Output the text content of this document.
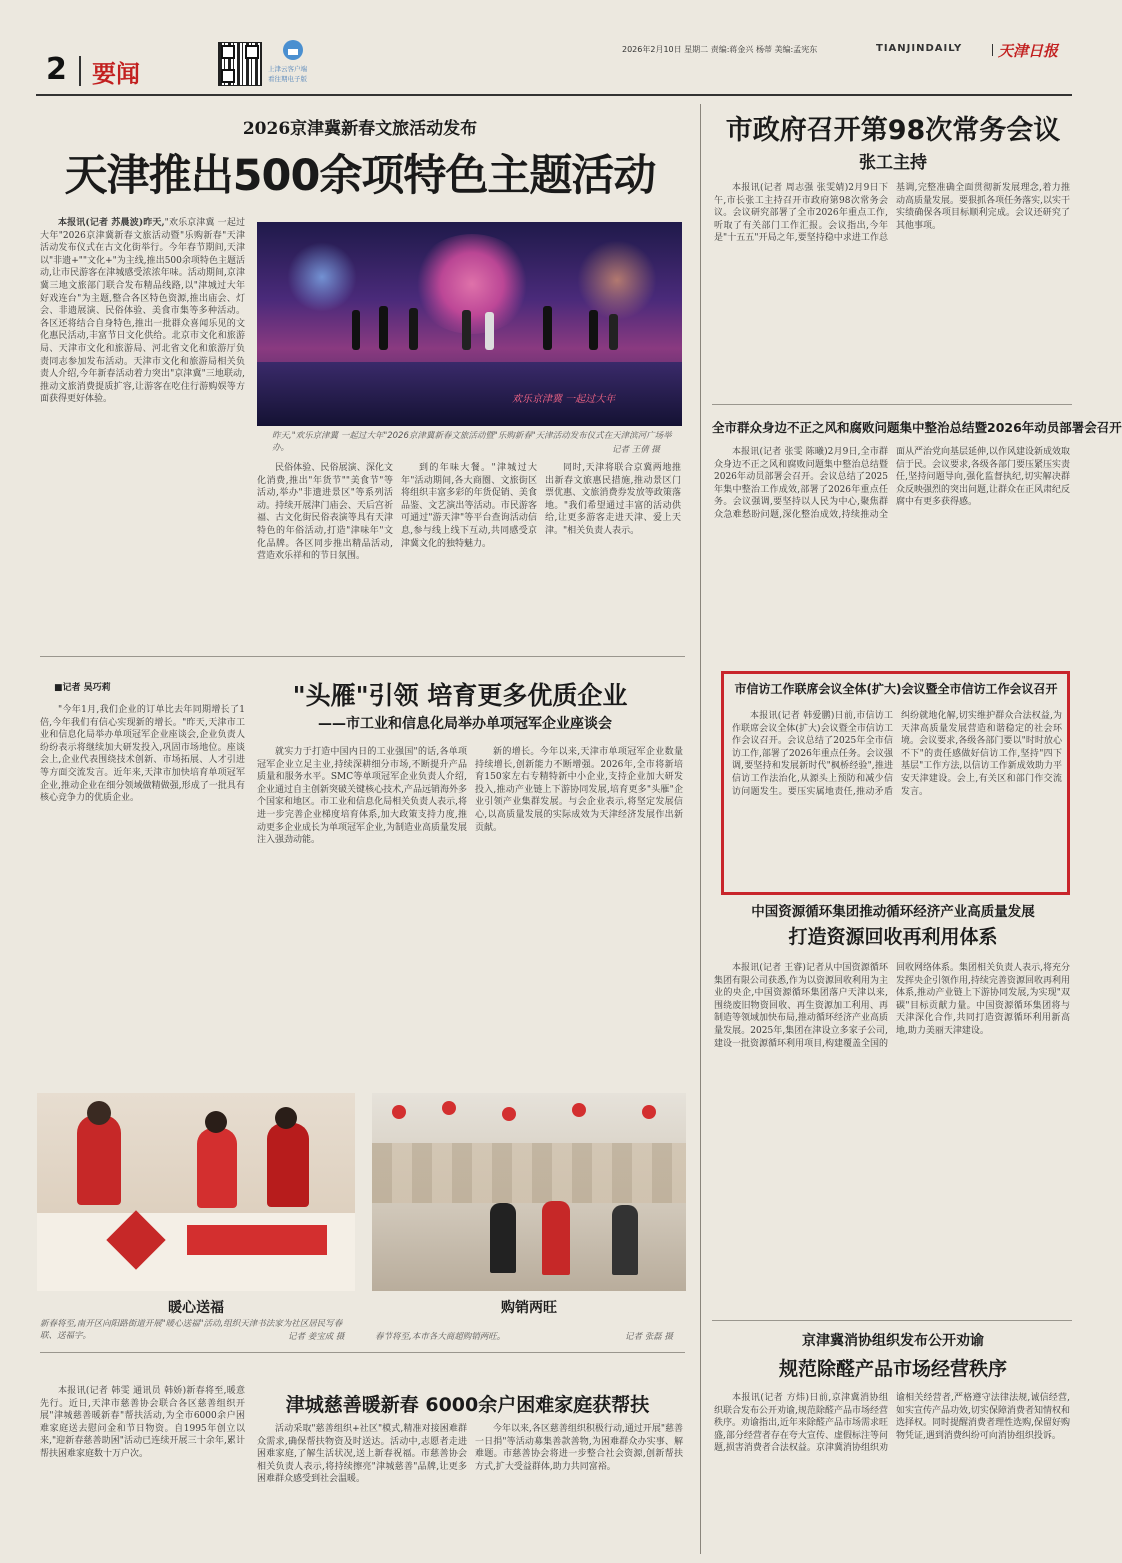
2 要闻	上津云客户端
看往期电子版
2026年2月10日 星期二 责编:蒋金兴 杨蒂 美编:孟宪东	TIANJINDAILY 天津日报
2026京津冀新春文旅活动发布
天津推出500余项特色主题活动

本报讯(记者 苏晨波)昨天,"欢乐京津冀 一起过大年"2026京津冀新春文旅活动暨"乐购新春"天津活动发布仪式在古文化街举行。今年春节期间,天津以"非遗+""文化+"为主线,推出500余项特色主题活动,让市民游客在津城感受浓浓年味。活动期间,京津冀三地文旅部门联合发布精品线路,以"津城过大年 好戏连台"为主题,整合各区特色资源,推出庙会、灯会、非遗展演、民俗体验、美食市集等多种活动。各区还将结合自身特色,推出一批群众喜闻乐见的文化惠民活动,丰富节日文化供给。北京市文化和旅游局、天津市文化和旅游局、河北省文化和旅游厅负责同志参加发布活动。天津市文化和旅游局相关负责人介绍,今年新春活动着力突出"京津冀"三地联动,推动文旅消费提质扩容,让游客在吃住行游购娱等方面获得更好体验。	欢乐京津冀 一起过大年
昨天,"欢乐京津冀 一起过大年"2026京津冀新春文旅活动暨"乐购新春"天津活动发布仪式在天津滨河广场举办。	记者 王倩 摄

民俗体验、民俗展演、深化文化消费,推出"年货节""美食节"等活动,举办"非遗进景区"等系列活动。持续开展津门庙会、天后宫祈福、古文化街民俗表演等具有天津特色的年俗活动,打造"津味年"文化品牌。各区同步推出精品活动,营造欢乐祥和的节日氛围。

到的年味大餐。"津城过大年"活动期间,各大商圈、文旅街区将组织丰富多彩的年货促销、美食品鉴、文艺演出等活动。市民游客可通过"游天津"等平台查询活动信息,参与线上线下互动,共同感受京津冀文化的独特魅力。

同时,天津将联合京冀两地推出新春文旅惠民措施,推动景区门票优惠、文旅消费券发放等政策落地。"我们希望通过丰富的活动供给,让更多游客走进天津、爱上天津。"相关负责人表示。

■记者 吴巧莉	"头雁"引领 培育更多优质企业
——市工业和信息化局举办单项冠军企业座谈会

"今年1月,我们企业的订单比去年同期增长了1倍,今年我们有信心实现新的增长。"昨天,天津市工业和信息化局举办单项冠军企业座谈会,企业负责人纷纷表示将继续加大研发投入,巩固市场地位。座谈会上,企业代表围绕技术创新、市场拓展、人才引进等方面交流发言。近年来,天津市加快培育单项冠军企业,推动企业在细分领域做精做强,形成了一批具有核心竞争力的优质企业。

就实力于打造中国内日的工业强国"的话,各单项冠军企业立足主业,持续深耕细分市场,不断提升产品质量和服务水平。SMC等单项冠军企业负责人介绍,企业通过自主创新突破关键核心技术,产品远销海外多个国家和地区。市工业和信息化局相关负责人表示,将进一步完善企业梯度培育体系,加大政策支持力度,推动更多企业成长为单项冠军企业,为制造业高质量发展注入强劲动能。

新的增长。今年以来,天津市单项冠军企业数量持续增长,创新能力不断增强。2026年,全市将新培育150家左右专精特新中小企业,支持企业加大研发投入,推动产业链上下游协同发展,培育更多"头雁"企业引领产业集群发展。与会企业表示,将坚定发展信心,以高质量发展的实际成效为天津经济发展作出新贡献。

暖心送福
新春将至,南开区向阳路街道开展"暖心送福"活动,组织天津书法家为社区居民写春联、送福字。	记者 姜宝成 摄
购销两旺
春节将至,本市各大商超购销两旺。	记者 张磊 摄

本报讯(记者 韩雯 通讯员 韩娇)新春将至,暖意先行。近日,天津市慈善协会联合各区慈善组织开展"津城慈善暖新春"帮扶活动,为全市6000余户困难家庭送去慰问金和节日物资。自1995年创立以来,"迎新春慈善助困"活动已连续开展三十余年,累计帮扶困难家庭数十万户次。

津城慈善暖新春 6000余户困难家庭获帮扶

活动采取"慈善组织+社区"模式,精准对接困难群众需求,确保帮扶物资及时送达。活动中,志愿者走进困难家庭,了解生活状况,送上新春祝福。市慈善协会相关负责人表示,将持续擦亮"津城慈善"品牌,让更多困难群众感受到社会温暖。

今年以来,各区慈善组织积极行动,通过开展"慈善一日捐"等活动募集善款善物,为困难群众办实事、解难题。市慈善协会将进一步整合社会资源,创新帮扶方式,扩大受益群体,助力共同富裕。

市政府召开第98次常务会议
张工主持

本报讯(记者 周志强 张雯婧)2月9日下午,市长张工主持召开市政府第98次常务会议。会议研究部署了全市2026年重点工作,听取了有关部门工作汇报。会议指出,今年是"十五五"开局之年,要坚持稳中求进工作总基调,完整准确全面贯彻新发展理念,着力推动高质量发展。要狠抓各项任务落实,以实干实绩确保各项目标顺利完成。会议还研究了其他事项。

全市群众身边不正之风和腐败问题集中整治总结暨2026年动员部署会召开

本报讯(记者 张雯 陈曦)2月9日,全市群众身边不正之风和腐败问题集中整治总结暨2026年动员部署会召开。会议总结了2025年集中整治工作成效,部署了2026年重点任务。会议强调,要坚持以人民为中心,聚焦群众急难愁盼问题,深化整治成效,持续推动全面从严治党向基层延伸,以作风建设新成效取信于民。会议要求,各级各部门要压紧压实责任,坚持问题导向,强化监督执纪,切实解决群众反映强烈的突出问题,让群众在正风肃纪反腐中有更多获得感。

市信访工作联席会议全体(扩大)会议暨全市信访工作会议召开

本报讯(记者 韩爱鹏)日前,市信访工作联席会议全体(扩大)会议暨全市信访工作会议召开。会议总结了2025年全市信访工作,部署了2026年重点任务。会议强调,要坚持和发展新时代"枫桥经验",推进信访工作法治化,从源头上预防和减少信访问题发生。要压实属地责任,推动矛盾纠纷就地化解,切实维护群众合法权益,为天津高质量发展营造和谐稳定的社会环境。会议要求,各级各部门要以"时时放心不下"的责任感做好信访工作,坚持"四下基层"工作方法,以信访工作新成效助力平安天津建设。会上,有关区和部门作交流发言。

中国资源循环集团推动循环经济产业高质量发展
打造资源回收再利用体系

本报讯(记者 王睿)记者从中国资源循环集团有限公司获悉,作为以资源回收利用为主业的央企,中国资源循环集团落户天津以来,围绕废旧物资回收、再生资源加工利用、再制造等领域加快布局,推动循环经济产业高质量发展。2025年,集团在津设立多家子公司,建设一批资源循环利用项目,构建覆盖全国的回收网络体系。集团相关负责人表示,将充分发挥央企引领作用,持续完善资源回收再利用体系,推动产业链上下游协同发展,为实现"双碳"目标贡献力量。中国资源循环集团将与天津深化合作,共同打造资源循环利用新高地,助力美丽天津建设。

京津冀消协组织发布公开劝谕
规范除醛产品市场经营秩序

本报讯(记者 方炜)日前,京津冀消协组织联合发布公开劝谕,规范除醛产品市场经营秩序。劝谕指出,近年来除醛产品市场需求旺盛,部分经营者存在夸大宣传、虚假标注等问题,损害消费者合法权益。京津冀消协组织劝谕相关经营者,严格遵守法律法规,诚信经营,如实宣传产品功效,切实保障消费者知情权和选择权。同时提醒消费者理性选购,保留好购物凭证,遇到消费纠纷可向消协组织投诉。
